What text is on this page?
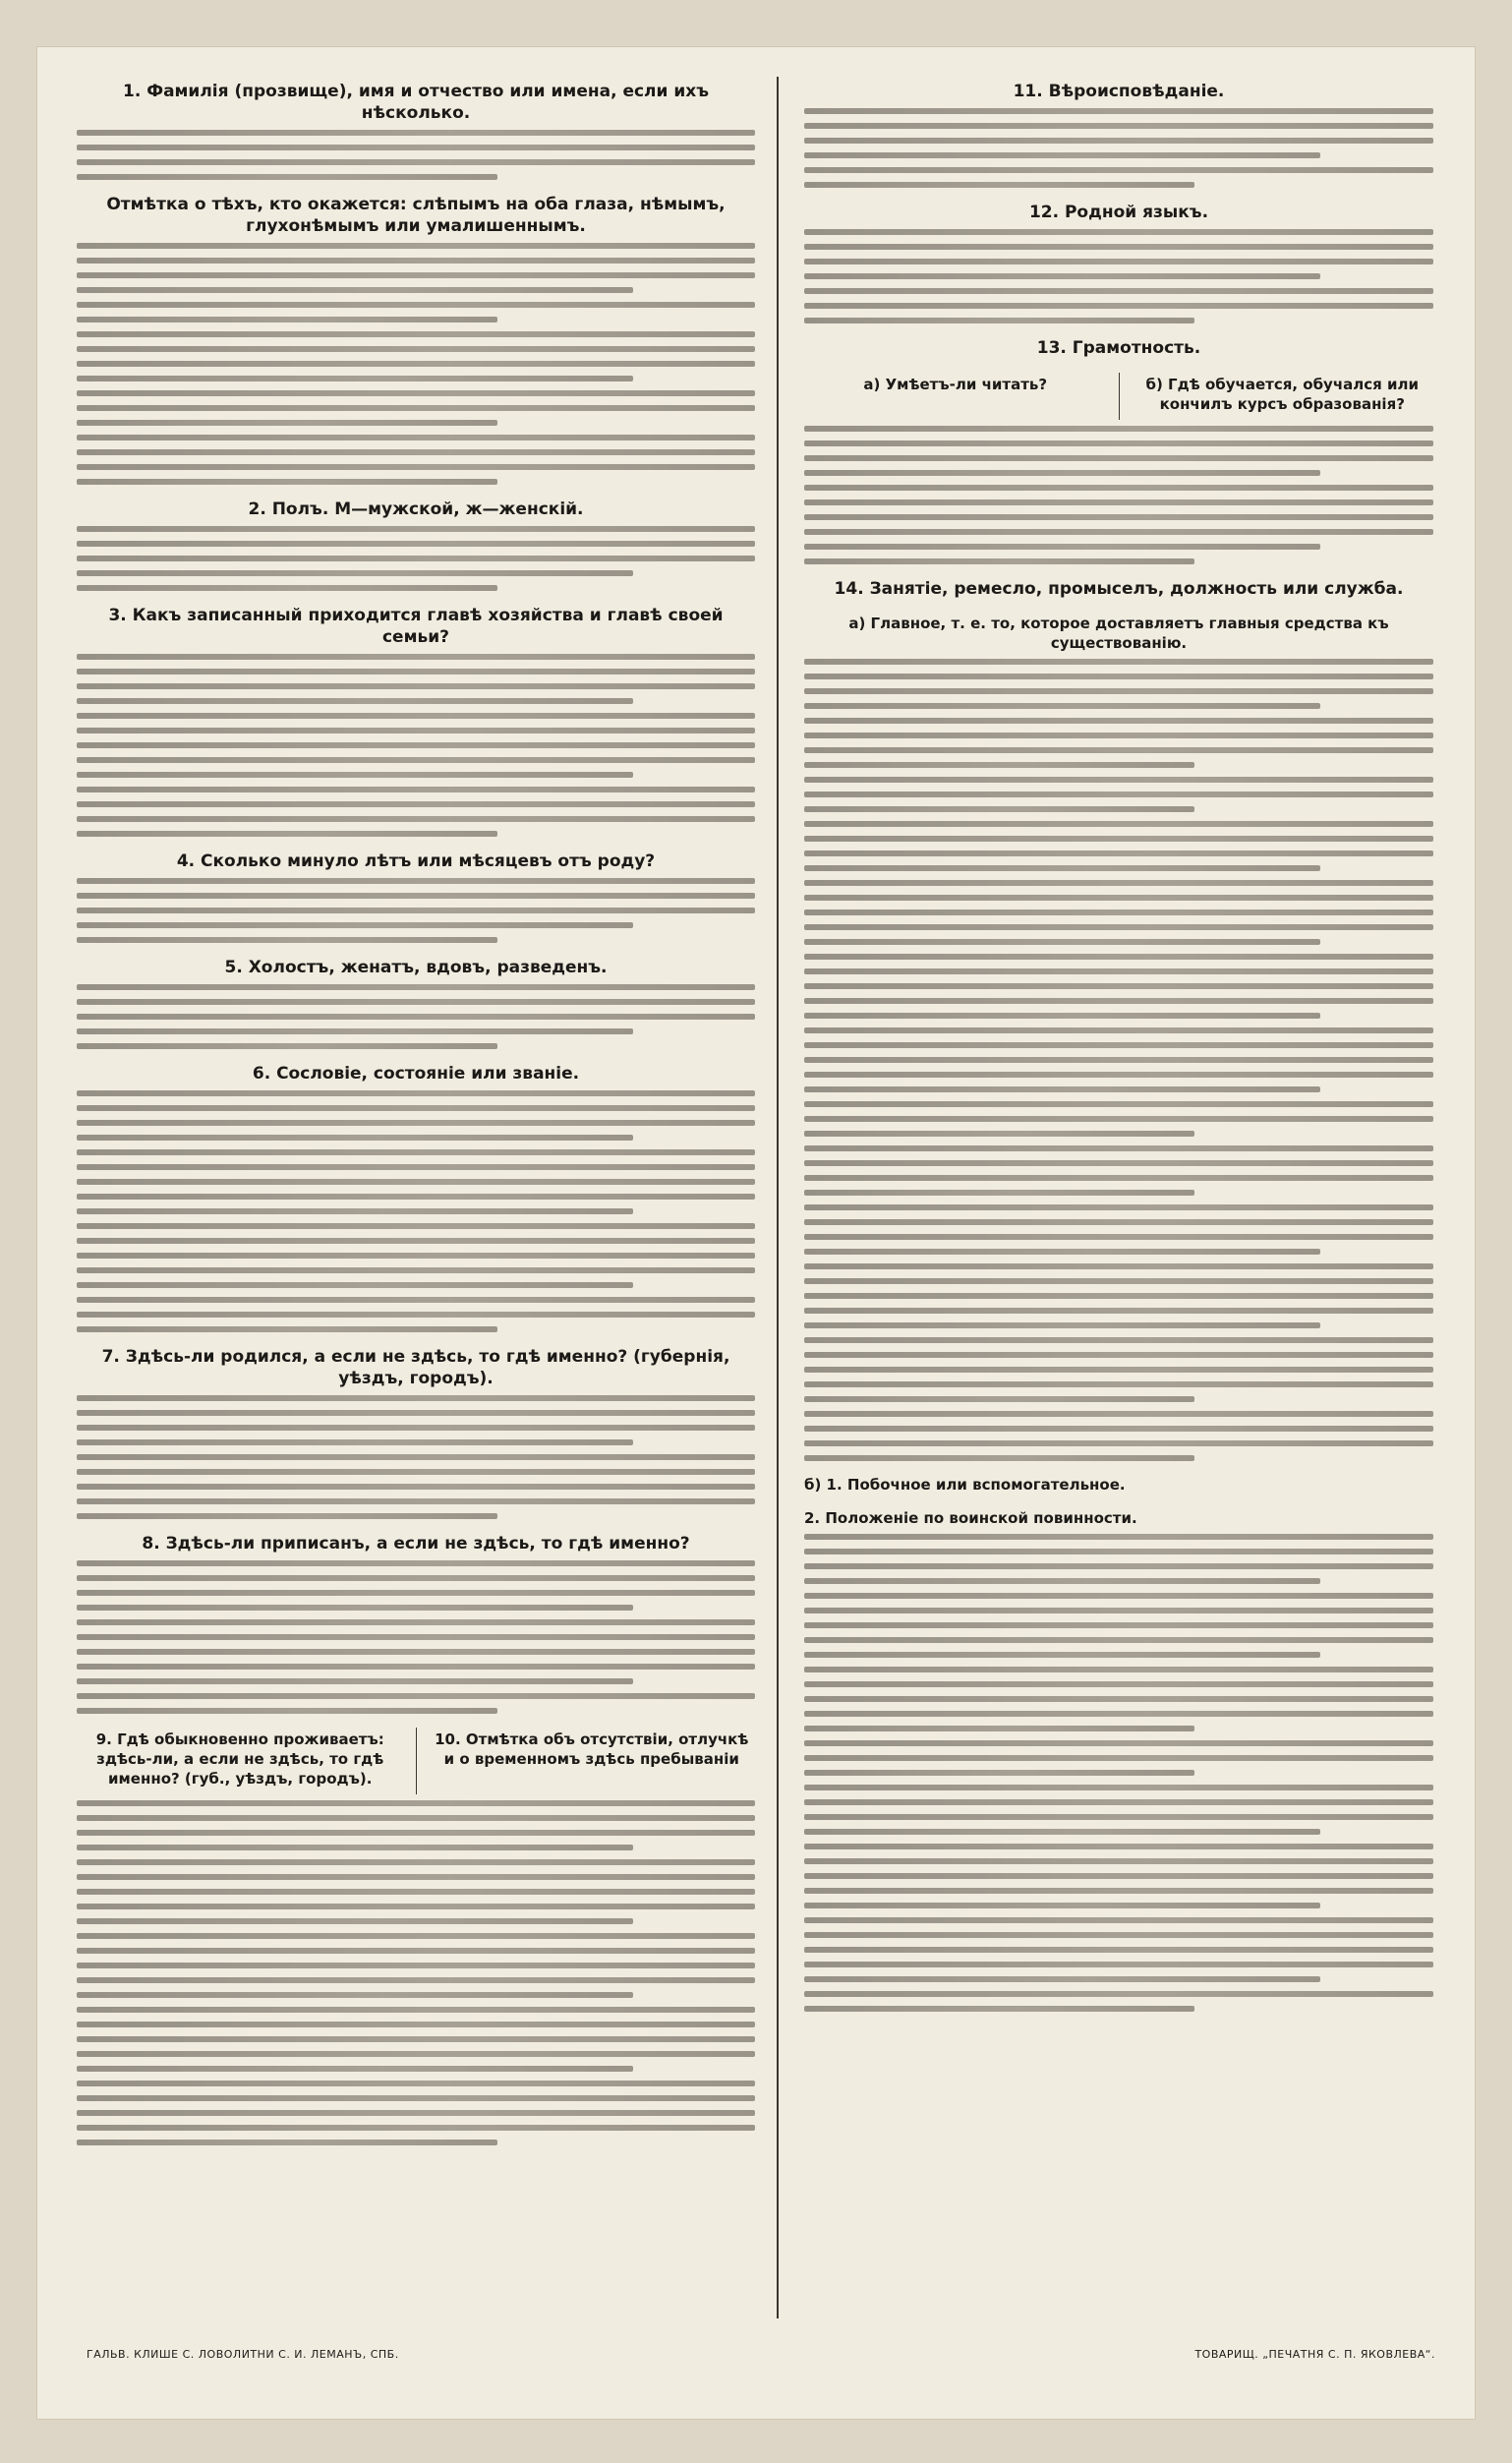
1. Фамилія (прозвище), имя и отчество или имена, если ихъ нѣсколько.
Отмѣтка о тѣхъ, кто окажется: слѣпымъ на оба глаза, нѣмымъ, глухонѣмымъ или умалишеннымъ.
2. Полъ. М—мужской, ж—женскій.
3. Какъ записанный приходится главѣ хозяйства и главѣ своей семьи?
4. Сколько минуло лѣтъ или мѣсяцевъ отъ роду?
5. Холостъ, женатъ, вдовъ, разведенъ.
6. Сословіе, состояніе или званіе.
7. Здѣсь-ли родился, а если не здѣсь, то гдѣ именно? (губернія, уѣздъ, городъ).
8. Здѣсь-ли приписанъ, а если не здѣсь, то гдѣ именно?
9. Гдѣ обыкновенно проживаетъ: здѣсь-ли, а если не здѣсь, то гдѣ именно? (губ., уѣздъ, городъ).
10. Отмѣтка объ отсутствіи, отлучкѣ и о временномъ здѣсь пребываніи
11. Вѣроисповѣданіе.
12. Родной языкъ.
13. Грамотность.
а) Умѣетъ-ли читать?	б) Гдѣ обучается, обучался или кончилъ курсъ образованія?
14. Занятіе, ремесло, промыселъ, должность или служба.
а) Главное, т. е. то, которое доставляетъ главныя средства къ существованію.
б) 1. Побочное или вспомогательное.
2. Положеніе по воинской повинности.
ГАЛЬВ. КЛИШЕ С. ЛОВОЛИТНИ С. И. ЛЕМАНЪ, СПБ.	ТОВАРИЩ. „ПЕЧАТНЯ С. П. ЯКОВЛЕВА“.
